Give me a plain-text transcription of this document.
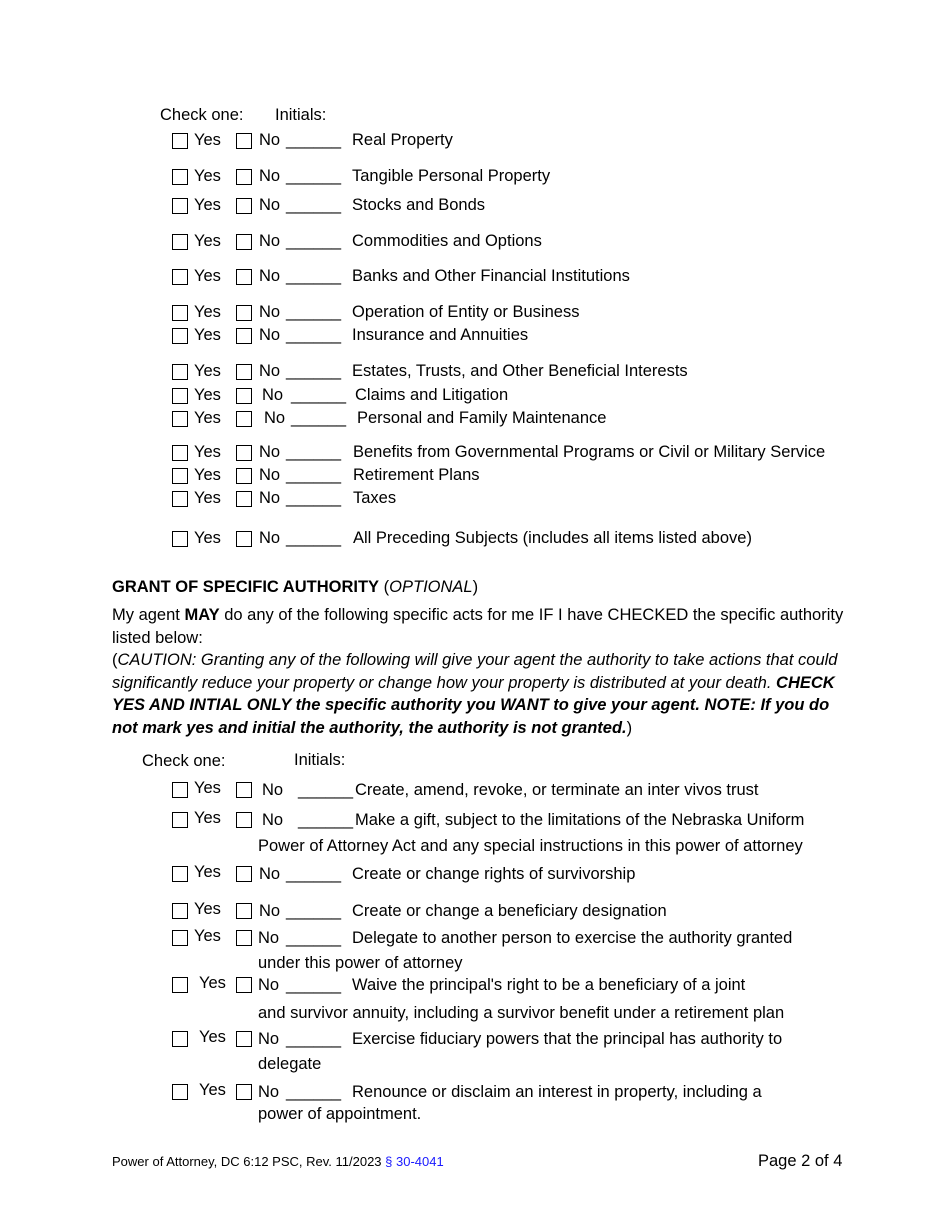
Check one: Initials:
Yes No ______ Real Property
Yes No ______ Tangible Personal Property
Yes No ______ Stocks and Bonds
Yes No ______ Commodities and Options
Yes No ______ Banks and Other Financial Institutions
Yes No ______ Operation of Entity or Business
Yes No ______ Insurance and Annuities
Yes No ______ Estates, Trusts, and Other Beneficial Interests
Yes No ______ Claims and Litigation
Yes	No ______ Personal and Family Maintenance
Yes No ______ Benefits from Governmental Programs or Civil or Military Service
Yes No ______ Retirement Plans
Yes No ______ Taxes
Yes No ______ All Preceding Subjects (includes all items listed above)
GRANT OF SPECIFIC AUTHORITY (OPTIONAL)
My agent MAY do any of the following specific acts for me IF I have CHECKED the specific authority listed below:
(CAUTION: Granting any of the following will give your agent the authority to take actions that could significantly reduce your property or change how your property is distributed at your death. CHECK YES AND INTIAL ONLY the specific authority you WANT to give your agent. NOTE: If you do not mark yes and initial the authority, the authority is not granted.)
Check one:	Initials:
Yes No ______ Create, amend, revoke, or terminate an inter vivos trust
Yes No ______ Make a gift, subject to the limitations of the Nebraska Uniform
Power of Attorney Act and any special instructions in this power of attorney
Yes No ______ Create or change rights of survivorship
Yes No ______ Create or change a beneficiary designation
Yes No ______ Delegate to another person to exercise the authority granted
under this power of attorney
Yes No ______ Waive the principal's right to be a beneficiary of a joint
and survivor annuity, including a survivor benefit under a retirement plan
Yes No ______ Exercise fiduciary powers that the principal has authority to
delegate
Yes No ______ Renounce or disclaim an interest in property, including a
power of appointment.
Power of Attorney, DC 6:12 PSC, Rev. 11/2023 § 30-4041	Page 2 of 4
